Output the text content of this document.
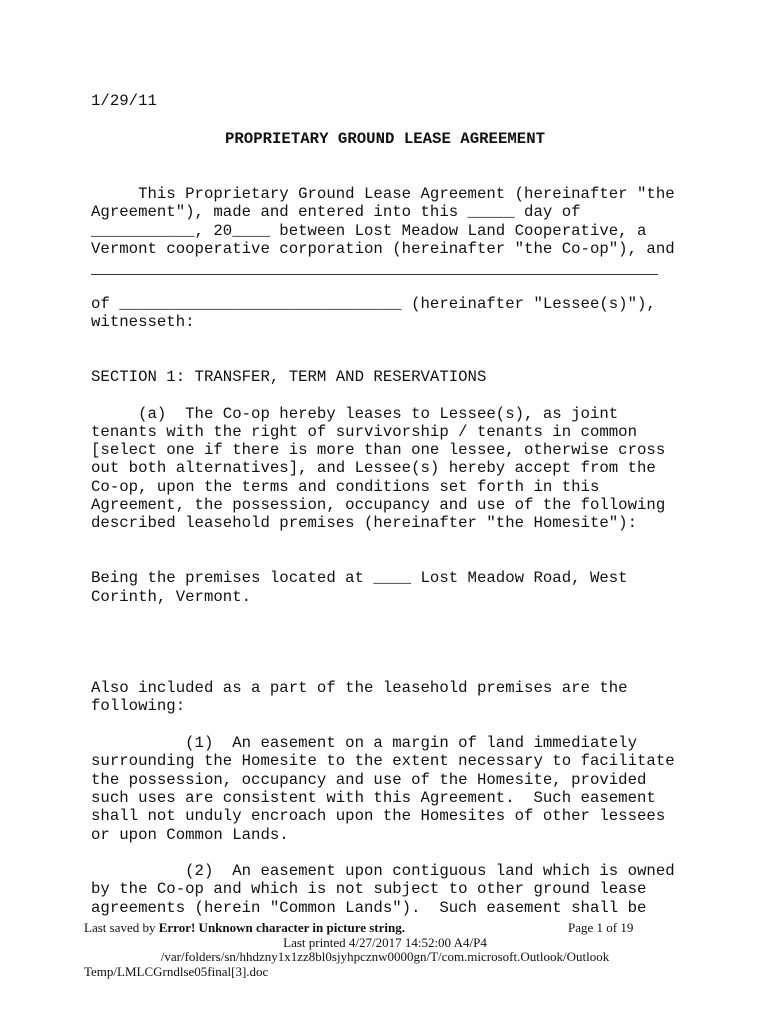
1/29/11
PROPRIETARY GROUND LEASE AGREEMENT
This Proprietary Ground Lease Agreement (hereinafter "the
Agreement"), made and entered into this _____ day of
___________, 20____ between Lost Meadow Land Cooperative, a
Vermont cooperative corporation (hereinafter "the Co-op"), and
of ______________________________ (hereinafter "Lessee(s)"),
witnesseth:
SECTION 1: TRANSFER, TERM AND RESERVATIONS
(a)  The Co-op hereby leases to Lessee(s), as joint
tenants with the right of survivorship / tenants in common
[select one if there is more than one lessee, otherwise cross
out both alternatives], and Lessee(s) hereby accept from the
Co-op, upon the terms and conditions set forth in this
Agreement, the possession, occupancy and use of the following
described leasehold premises (hereinafter "the Homesite"):
Being the premises located at ____ Lost Meadow Road, West
Corinth, Vermont.
Also included as a part of the leasehold premises are the
following:
(1)  An easement on a margin of land immediately
surrounding the Homesite to the extent necessary to facilitate
the possession, occupancy and use of the Homesite, provided
such uses are consistent with this Agreement.  Such easement
shall not unduly encroach upon the Homesites of other lessees
or upon Common Lands.
(2)  An easement upon contiguous land which is owned
by the Co-op and which is not subject to other ground lease
agreements (herein "Common Lands").  Such easement shall be
Last saved by Error! Unknown character in picture string.	Page 1 of 19
Last printed 4/27/2017 14:52:00 A4/P4
/var/folders/sn/hhdzny1x1zz8bl0sjyhpcznw0000gn/T/com.microsoft.Outlook/Outlook
Temp/LMLCGrndlse05final[3].doc
